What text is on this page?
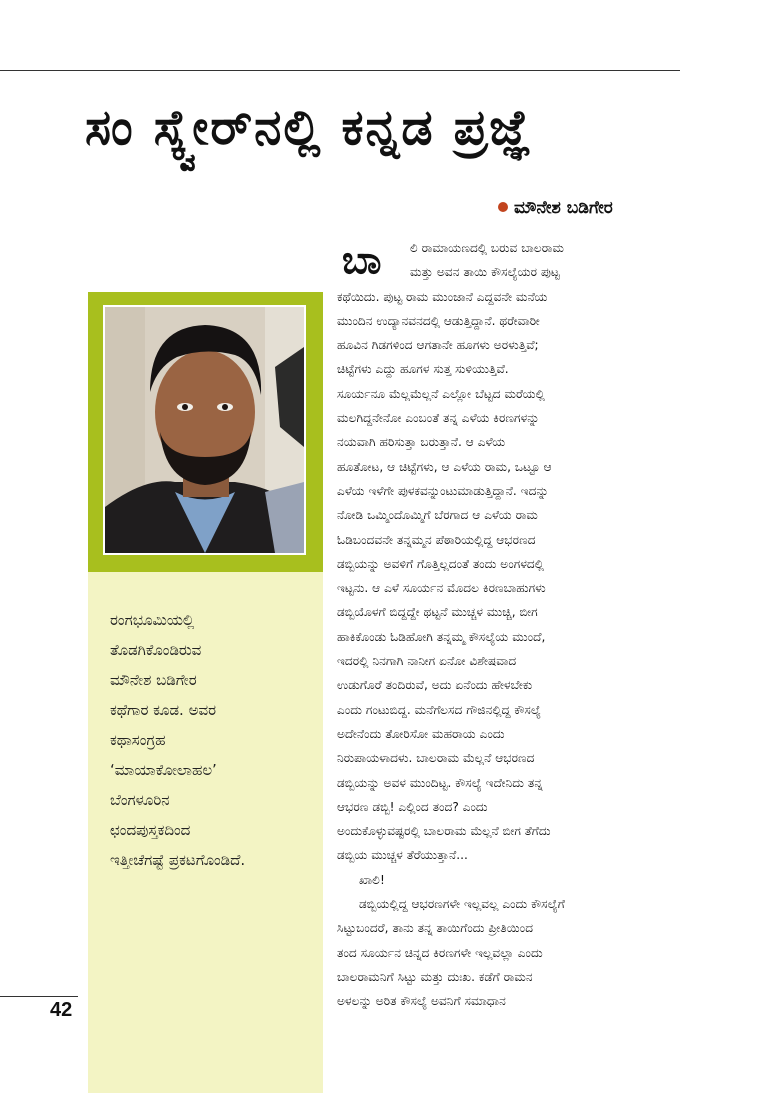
ಸಂ ಸ್ಕ್ವೇರ್‌ನಲ್ಲಿ ಕನ್ನಡ ಪ್ರಜ್ಞೆ

ಮೌನೇಶ ಬಡಿಗೇರ

ರಂಗಭೂಮಿಯಲ್ಲಿ
ತೊಡಗಿಕೊಂಡಿರುವ
ಮೌನೇಶ ಬಡಿಗೇರ
ಕಥೆಗಾರ ಕೂಡ. ಅವರ
ಕಥಾಸಂಗ್ರಹ
‘ಮಾಯಾಕೋಲಾಹಲ’
ಬೆಂಗಳೂರಿನ
ಛಂದಪುಸ್ತಕದಿಂದ
ಇತ್ತೀಚೆಗಷ್ಟೆ ಪ್ರಕಟಗೊಂಡಿದೆ.

ಬಾ	ಲಿ ರಾಮಾಯಣದಲ್ಲಿ ಬರುವ ಬಾಲರಾಮ
ಮತ್ತು ಅವನ ತಾಯಿ ಕೌಸಲ್ಯೆಯರ ಪುಟ್ಟ
ಕಥೆಯಿದು. ಪುಟ್ಟ ರಾಮ ಮುಂಜಾನೆ ಎದ್ದವನೇ ಮನೆಯ
ಮುಂದಿನ ಉದ್ಯಾನವನದಲ್ಲಿ ಆಡುತ್ತಿದ್ದಾನೆ. ಥರೇವಾರೀ
ಹೂವಿನ ಗಿಡಗಳಿಂದ ಆಗತಾನೇ ಹೂಗಳು ಅರಳುತ್ತಿವೆ;
ಚಿಟ್ಟೆಗಳು ಎದ್ದು ಹೂಗಳ ಸುತ್ತ ಸುಳಿಯುತ್ತಿವೆ.
ಸೂರ್ಯನೂ ಮೆಲ್ಲಮೆಲ್ಲನೆ ಎಲ್ಲೋ ಬೆಟ್ಟದ ಮರೆಯಲ್ಲಿ
ಮಲಗಿದ್ದನೇನೋ ಎಂಬಂತೆ ತನ್ನ ಎಳೆಯ ಕಿರಣಗಳನ್ನು
ನಯವಾಗಿ ಹರಿಸುತ್ತಾ ಬರುತ್ತಾನೆ. ಆ ಎಳೆಯ
ಹೂತೋಟ, ಆ ಚಿಟ್ಟೆಗಳು, ಆ ಎಳೆಯ ರಾಮ, ಒಟ್ಟೂ ಆ
ಎಳೆಯ ಇಳೆಗೇ ಪುಳಕವನ್ನುಂಟುಮಾಡುತ್ತಿದ್ದಾನೆ. ಇದನ್ನು
ನೋಡಿ ಒಮ್ಮಿಂದೊಮ್ಮಿಗೆ ಬೆರಗಾದ ಆ ಎಳೆಯ ರಾಮ
ಓಡಿಬಂದವನೇ ತನ್ನಮ್ಮನ ಪೆಠಾರಿಯಲ್ಲಿದ್ದ ಆಭರಣದ
ಡಬ್ಬಿಯನ್ನು ಅವಳಿಗೆ ಗೊತ್ತಿಲ್ಲದಂತೆ ತಂದು ಅಂಗಳದಲ್ಲಿ
ಇಟ್ಟನು. ಆ ಎಳೆ ಸೂರ್ಯನ ಮೊದಲ ಕಿರಣಬಾಹುಗಳು
ಡಬ್ಬಿಯೊಳಗೆ ಬಿದ್ದದ್ದೇ ಥಟ್ಟನೆ ಮುಚ್ಚಳ ಮುಚ್ಚಿ, ಬೀಗ
ಹಾಕಿಕೊಂಡು ಓಡಿಹೋಗಿ ತನ್ನಮ್ಮ ಕೌಸಲ್ಯೆಯ ಮುಂದೆ,
ಇದರಲ್ಲಿ ನಿನಗಾಗಿ ನಾನೀಗ ಏನೋ ವಿಶೇಷವಾದ
ಉಡುಗೊರೆ ತಂದಿರುವೆ, ಅದು ಏನೆಂದು ಹೇಳಬೇಕು
ಎಂದು ಗಂಟುಬಿದ್ದ. ಮನೆಗೆಲಸದ ಗೌಜಿನಲ್ಲಿದ್ದ ಕೌಸಲ್ಯೆ
ಅದೇನೆಂದು ತೋರಿಸೋ ಮಹರಾಯ ಎಂದು
ನಿರುಪಾಯಳಾದಳು. ಬಾಲರಾಮ ಮೆಲ್ಲನೆ ಆಭರಣದ
ಡಬ್ಬಿಯನ್ನು ಅವಳ ಮುಂದಿಟ್ಟ. ಕೌಸಲ್ಯೆ ಇದೇನಿದು ತನ್ನ
ಆಭರಣ ಡಬ್ಬಿ! ಎಲ್ಲಿಂದ ತಂದ? ಎಂದು
ಅಂದುಕೊಳ್ಳುವಷ್ಟರಲ್ಲಿ ಬಾಲರಾಮ ಮೆಲ್ಲನೆ ಬೀಗ ತೆಗೆದು
ಡಬ್ಬಿಯ ಮುಚ್ಚಳ ತೆರೆಯುತ್ತಾನೆ...
ಖಾಲಿ!
ಡಬ್ಬಿಯಲ್ಲಿದ್ದ ಆಭರಣಗಳೇ ಇಲ್ಲವಲ್ಲ ಎಂದು ಕೌಸಲ್ಯೆಗೆ
ಸಿಟ್ಟುಬಂದರೆ, ತಾನು ತನ್ನ ತಾಯಿಗೆಂದು ಪ್ರೀತಿಯಿಂದ
ತಂದ ಸೂರ್ಯನ ಚಿನ್ನದ ಕಿರಣಗಳೇ ಇಲ್ಲವಲ್ಲಾ ಎಂದು
ಬಾಲರಾಮನಿಗೆ ಸಿಟ್ಟು ಮತ್ತು ದುಃಖ. ಕಡೆಗೆ ರಾಮನ
ಅಳಲನ್ನು ಅರಿತ ಕೌಸಲ್ಯೆ ಅವನಿಗೆ ಸಮಾಧಾನ

42
